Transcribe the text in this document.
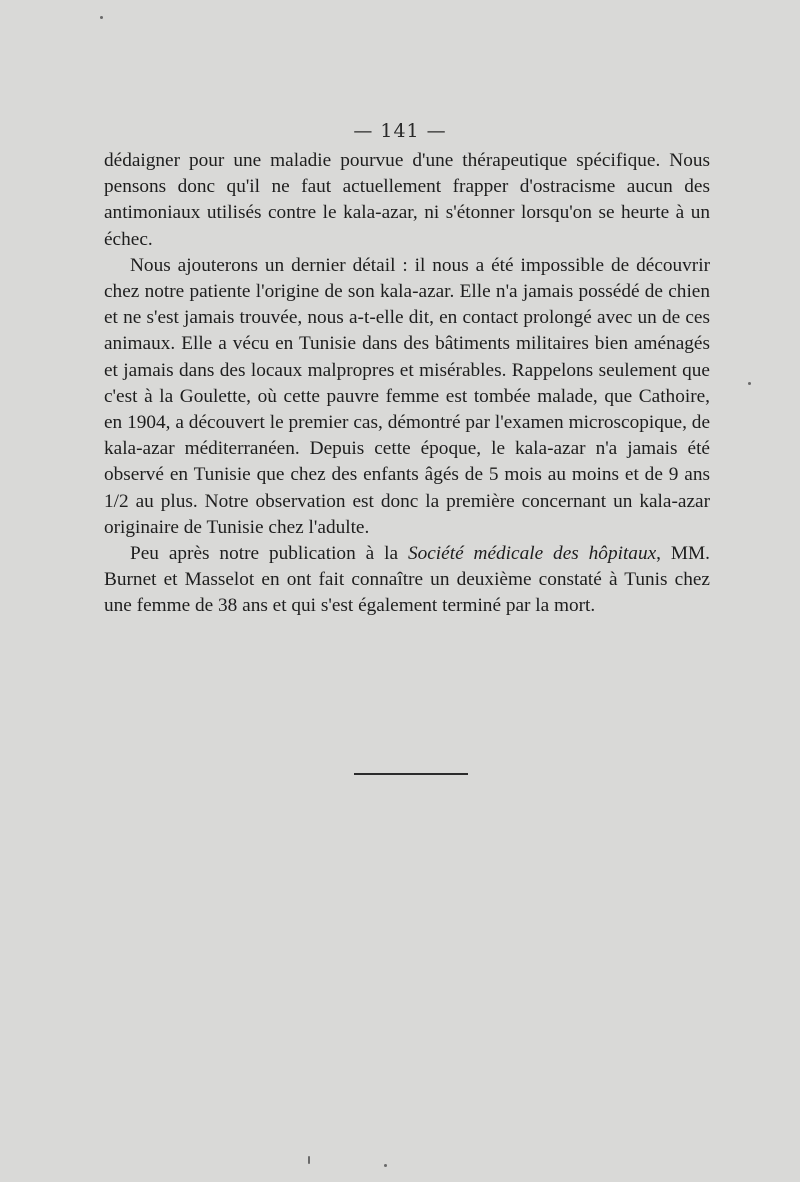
— 141 —

dédaigner pour une maladie pourvue d'une thérapeutique spécifique. Nous pensons donc qu'il ne faut actuellement frapper d'ostracisme aucun des antimoniaux utilisés contre le kala-azar, ni s'étonner lorsqu'on se heurte à un échec.

Nous ajouterons un dernier détail : il nous a été impossible de découvrir chez notre patiente l'origine de son kala-azar. Elle n'a jamais possédé de chien et ne s'est jamais trouvée, nous a-t-elle dit, en contact prolongé avec un de ces animaux. Elle a vécu en Tunisie dans des bâtiments militaires bien aménagés et jamais dans des locaux malpropres et misérables. Rappelons seulement que c'est à la Goulette, où cette pauvre femme est tombée malade, que Cathoire, en 1904, a découvert le premier cas, démontré par l'examen microscopique, de kala-azar méditerranéen. Depuis cette époque, le kala-azar n'a jamais été observé en Tunisie que chez des enfants âgés de 5 mois au moins et de 9 ans 1/2 au plus. Notre observation est donc la première concernant un kala-azar originaire de Tunisie chez l'adulte.

Peu après notre publication à la Société médicale des hôpitaux, MM. Burnet et Masselot en ont fait connaître un deuxième constaté à Tunis chez une femme de 38 ans et qui s'est également terminé par la mort.
